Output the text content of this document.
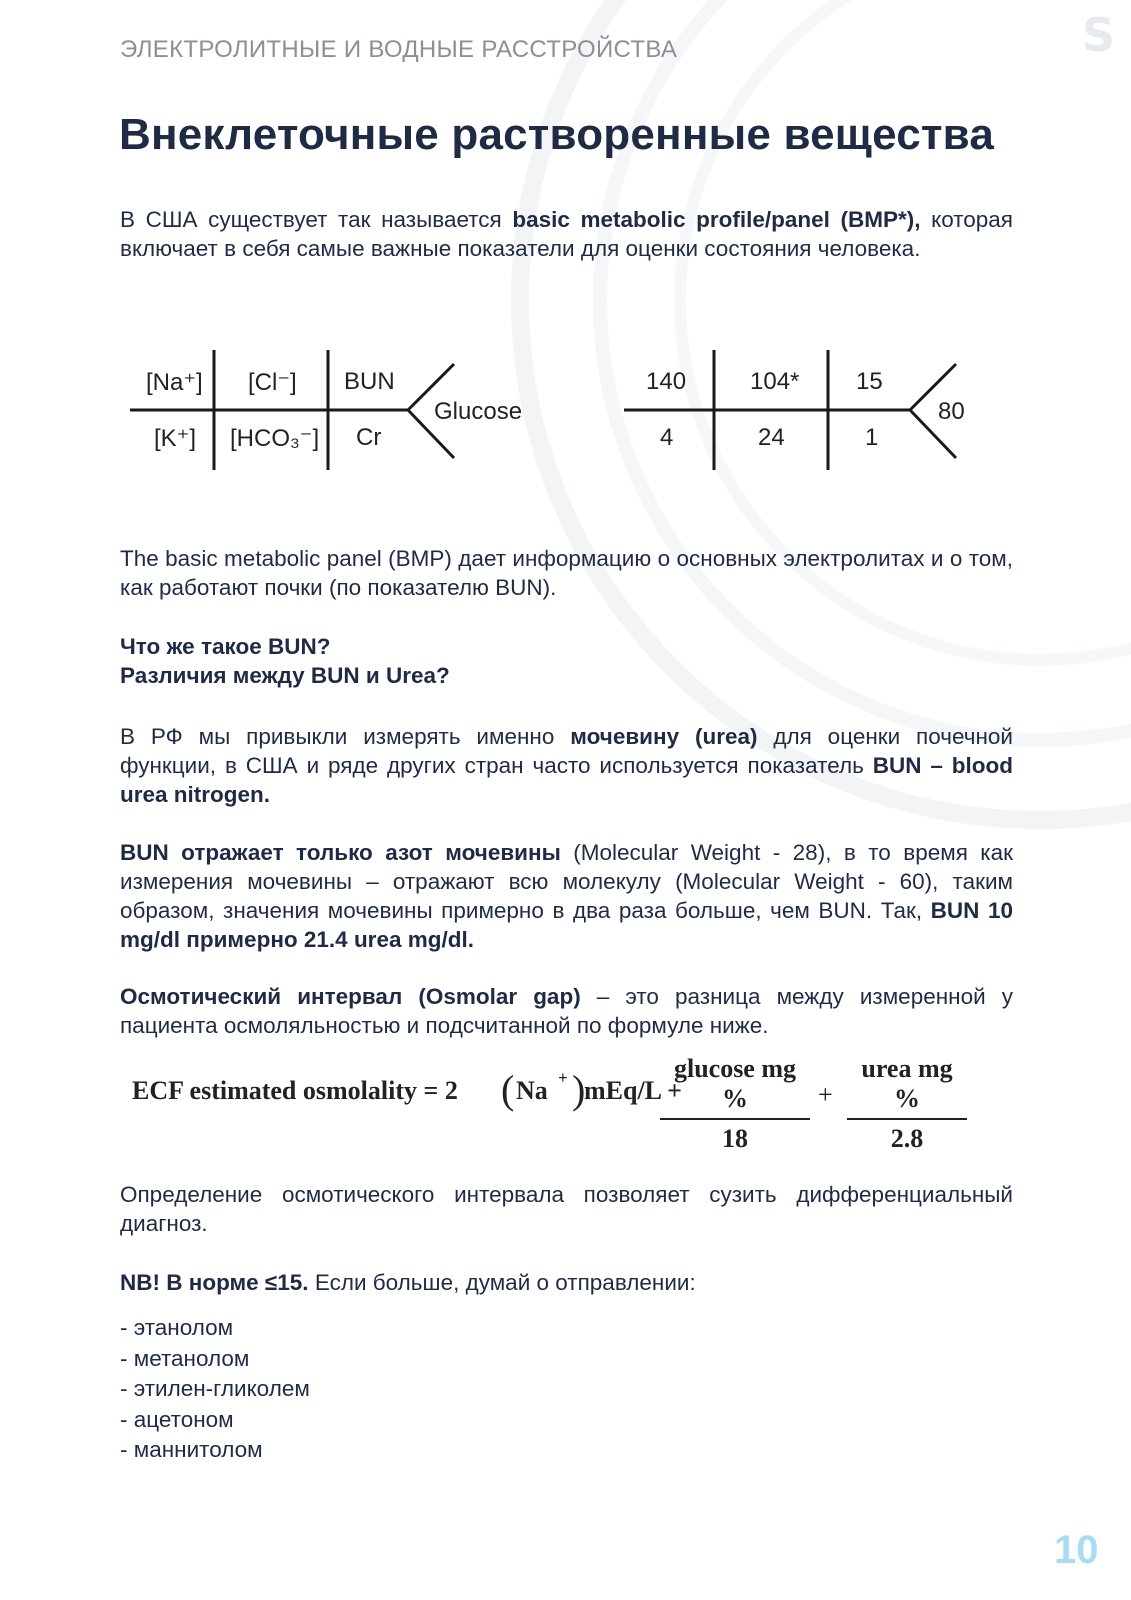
S
ЭЛЕКТРОЛИТНЫЕ И ВОДНЫЕ РАССТРОЙСТВА
Внеклеточные растворенные вещества

В США существует так называется basic metabolic profile/panel (BMP*), которая включает в себя самые важные показатели для оценки состояния человека.

[Na⁺] [Cl⁻] BUN
[K⁺] [HCO₃⁻] Cr
Glucose
140	104* 15
4	24	1
80

The basic metabolic panel (BMP) дает информацию о основных электролитах и о том, как работают почки (по показателю BUN).

Что же такое BUN?
Различия между BUN и Urea?

В РФ мы привыкли измерять именно мочевину (urea) для оценки почечной функции, в США и ряде других стран часто используется показатель BUN – blood urea nitrogen.

BUN отражает только азот мочевины (Molecular Weight - 28), в то время как измерения мочевины – отражают всю молекулу (Molecular Weight - 60), таким образом, значения мочевины примерно в два раза больше, чем BUN. Так, BUN 10 mg/dl примерно 21.4 urea mg/dl.

Осмотический интервал (Osmolar gap) – это разница между измеренной у пациента осмоляльностью и подсчитанной по формуле ниже.

ECF estimated osmolality = 2 ( Na + )
mEq/L +
glucose mg %
18
+
urea mg %
2.8

Определение осмотического интервала позволяет сузить дифференциальный диагноз.

NB! В норме ≤15. Если больше, думай о отправлении:

- этанолом
- метанолом
- этилен-гликолем
- ацетоном
- маннитолом
10
